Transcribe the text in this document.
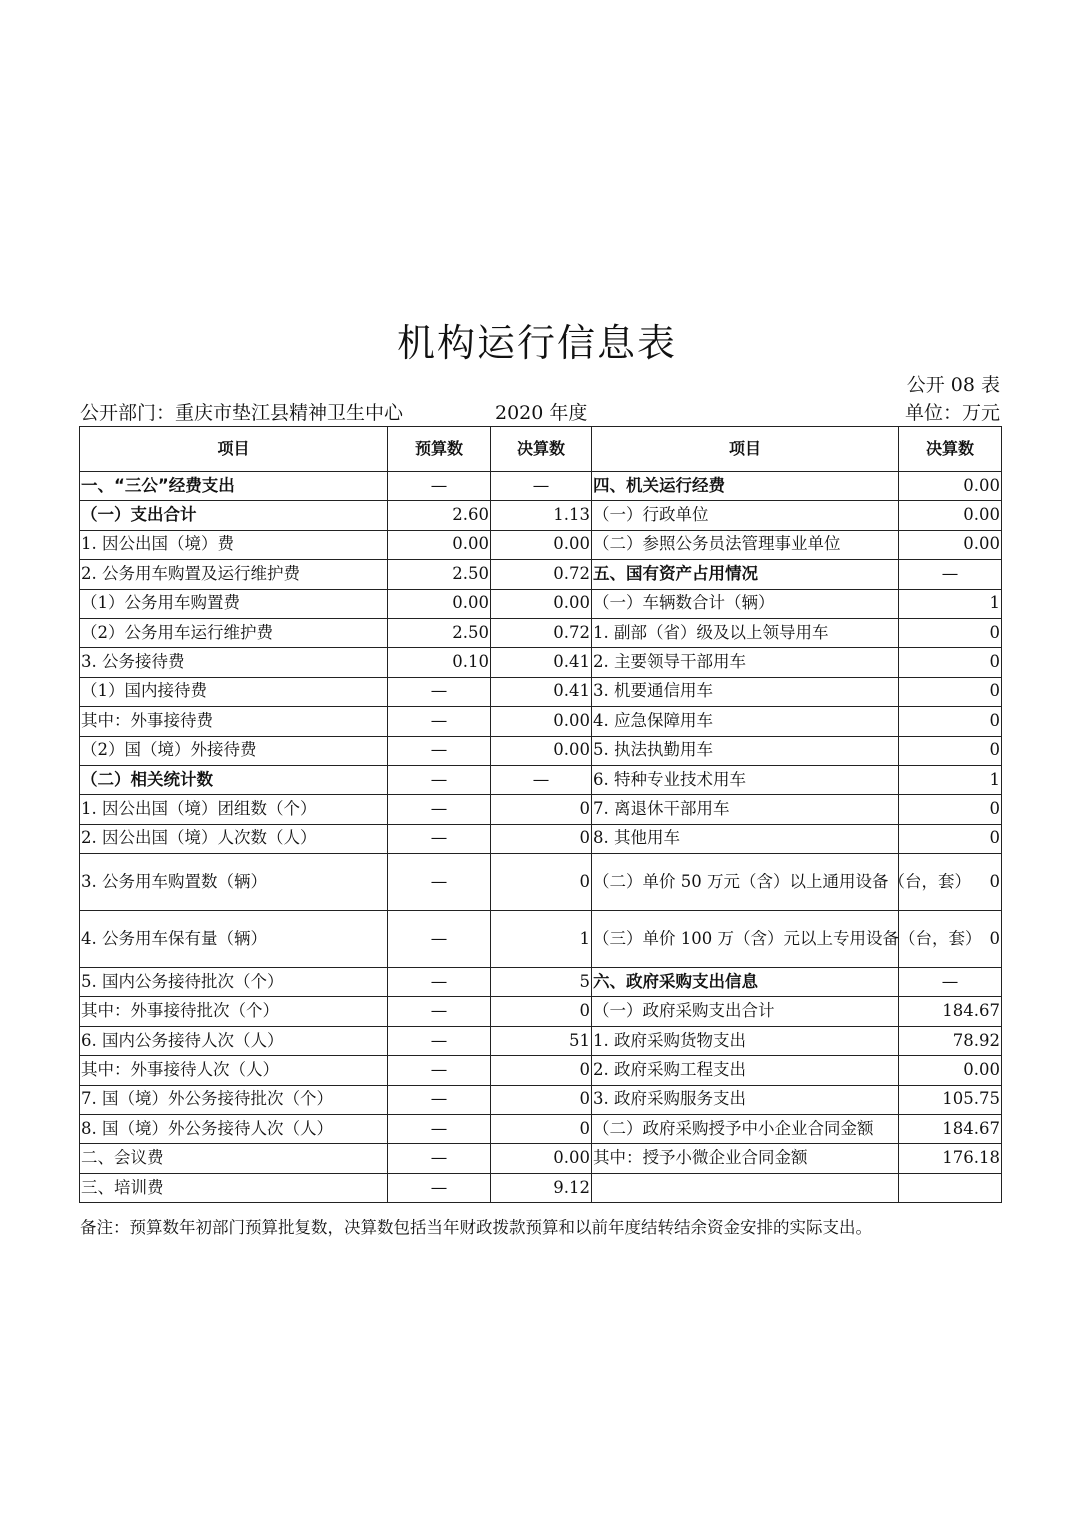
机构运行信息表
公开 08 表
公开部门：重庆市垫江县精神卫生中心	2020 年度	单位：万元
项目	预算数	决算数	项目	决算数
一、“三公”经费支出	—	—	四、机关运行经费	0.00
（一）支出合计	2.60	1.13	（一）行政单位	0.00
1. 因公出国（境）费	0.00	0.00	（二）参照公务员法管理事业单位	0.00
2. 公务用车购置及运行维护费	2.50	0.72	五、国有资产占用情况	—
（1）公务用车购置费	0.00	0.00	（一）车辆数合计（辆）	1
（2）公务用车运行维护费	2.50	0.72	1. 副部（省）级及以上领导用车	0
3. 公务接待费	0.10	0.41	2. 主要领导干部用车	0
（1）国内接待费	—	0.41	3. 机要通信用车	0
其中：外事接待费	—	0.00	4. 应急保障用车	0
（2）国（境）外接待费	—	0.00	5. 执法执勤用车	0
（二）相关统计数	—	—	6. 特种专业技术用车	1
1. 因公出国（境）团组数（个）	—	0	7. 离退休干部用车	0
2. 因公出国（境）人次数（人）	—	0	8. 其他用车	0
3. 公务用车购置数（辆）	—	0	（二）单价 50 万元（含）以上通用设备（台，套）	0
4. 公务用车保有量（辆）	—	1	（三）单价 100 万（含）元以上专用设备（台，套）	0
5. 国内公务接待批次（个）	—	5	六、政府采购支出信息	—
其中：外事接待批次（个）	—	0	（一）政府采购支出合计	184.67
6. 国内公务接待人次（人）	—	51	1. 政府采购货物支出	78.92
其中：外事接待人次（人）	—	0	2. 政府采购工程支出	0.00
7. 国（境）外公务接待批次（个）	—	0	3. 政府采购服务支出	105.75
8. 国（境）外公务接待人次（人）	—	0	（二）政府采购授予中小企业合同金额	184.67
二、会议费	—	0.00	其中：授予小微企业合同金额	176.18
三、培训费	—	9.12		
备注：预算数年初部门预算批复数，决算数包括当年财政拨款预算和以前年度结转结余资金安排的实际支出。
